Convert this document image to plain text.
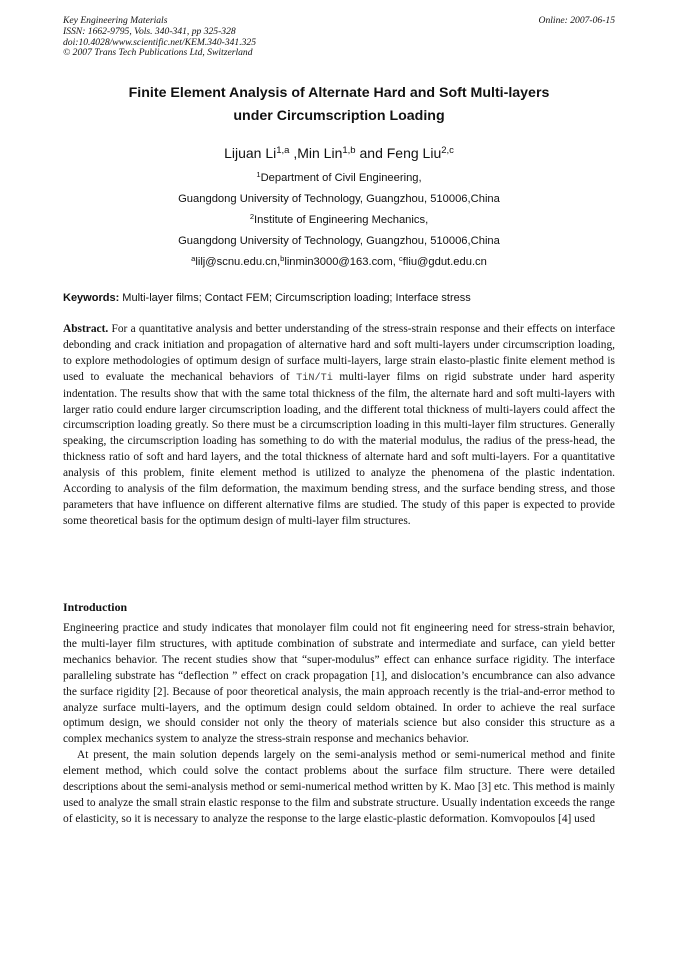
Key Engineering Materials
ISSN: 1662-9795, Vols. 340-341, pp 325-328
doi:10.4028/www.scientific.net/KEM.340-341.325
© 2007 Trans Tech Publications Ltd, Switzerland
Online: 2007-06-15
Finite Element Analysis of Alternate Hard and Soft Multi-layers
under Circumscription Loading
Lijuan Li$^{1,a}$ ,Min Lin$^{1,b}$ and Feng Liu$^{2,c}$
$^1$Department of Civil Engineering,
Guangdong University of Technology, Guangzhou, 510006,China
$^2$Institute of Engineering Mechanics,
Guangdong University of Technology, Guangzhou, 510006,China
$^a$lilj@scnu.edu.cn,$^b$linmin3000@163.com, $^c$fliu@gdut.edu.cn
Keywords: Multi-layer films; Contact FEM; Circumscription loading; Interface stress

Abstract. For a quantitative analysis and better understanding of the stress-strain response and their effects on interface debonding and crack initiation and propagation of alternative hard and soft multi-layers under circumscription loading, to explore methodologies of optimum design of surface multi-layers, large strain elasto-plastic finite element method is used to evaluate the mechanical behaviors of TiN/Ti multi-layer films on rigid substrate under hard asperity indentation. The results show that with the same total thickness of the film, the alternate hard and soft multi-layers with larger ratio could endure larger circumscription loading, and the different total thickness of multi-layers could affect the circumscription loading greatly. So there must be a circumscription loading in this multi-layer film structures. Generally speaking, the circumscription loading has something to do with the material modulus, the radius of the press-head, the thickness ratio of soft and hard layers, and the total thickness of alternate hard and soft multi-layers. For a quantitative analysis of this problem, finite element method is utilized to analyze the phenomena of the plastic indentation. According to analysis of the film deformation, the maximum bending stress, and the surface bending stress, and those parameters that have influence on different alternative films are studied. The study of this paper is expected to provide some theoretical basis for the optimum design of multi-layer film structures.

Introduction

Engineering practice and study indicates that monolayer film could not fit engineering need for stress-strain behavior, the multi-layer film structures, with aptitude combination of substrate and intermediate and surface, can yield better mechanics behavior. The recent studies show that “super-modulus” effect can enhance surface rigidity. The interface paralleling substrate has “deflection ” effect on crack propagation [1], and dislocation’s encumbrance can also advance the surface rigidity [2]. Because of poor theoretical analysis, the main approach recently is the trial-and-error method to analyze surface multi-layers, and the optimum design could seldom obtained. In order to achieve the real surface optimum design, we should consider not only the theory of materials science but also consider this structure as a complex mechanics system to analyze the stress-strain response and mechanics behavior.

At present, the main solution depends largely on the semi-analysis method or semi-numerical method and finite element method, which could solve the contact problems about the surface film structure. There were detailed descriptions about the semi-analysis method or semi-numerical method written by K. Mao [3] etc. This method is mainly used to analyze the small strain elastic response to the film and substrate structure. Usually indentation exceeds the range of elasticity, so it is necessary to analyze the response to the large elastic-plastic deformation. Komvopoulos [4] used
